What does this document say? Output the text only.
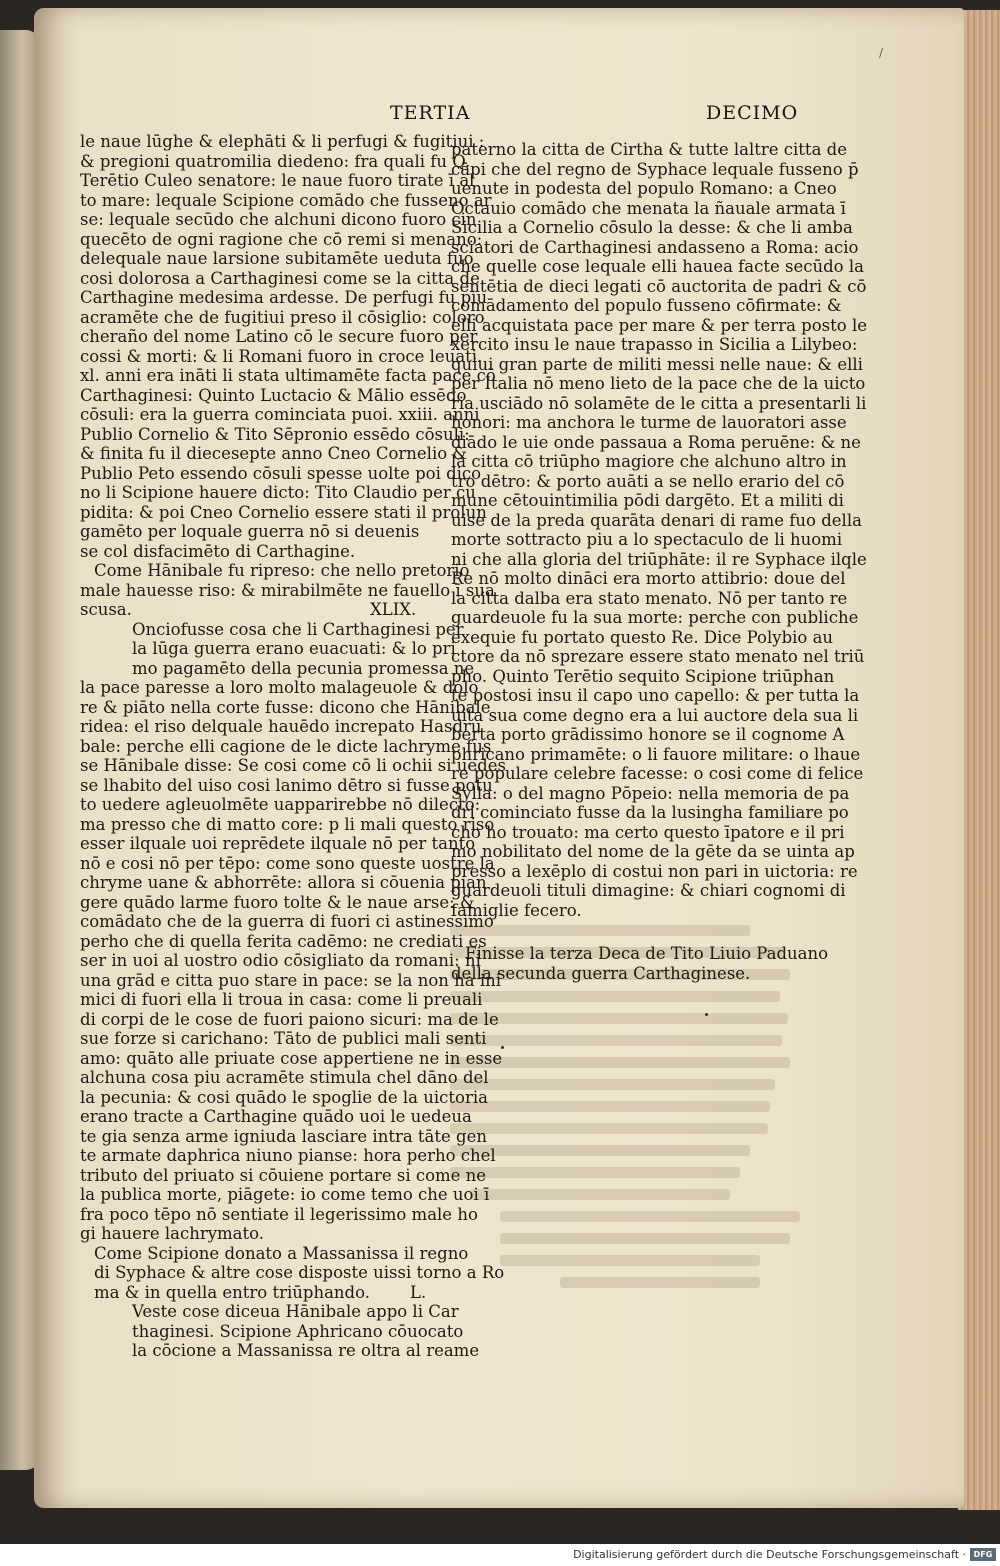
/
TERTIA	DECIMO
le naue lūghe & elephāti & li perfugi & fugitiui :
& pregioni quatromilia diedeno: fra quali fu Q.
Terētio Culeo senatore: le naue fuoro tirate ī al
to mare: lequale Scipione comādo che fusseno ar
se: lequale secūdo che alchuni dicono fuoro cin
quecēto de ogni ragione che cō remi si menano:
delequale naue larsione subitamēte ueduta fuo
cosi dolorosa a Carthaginesi come se la citta de
Carthagine medesima ardesse. De perfugi fu piu
acramēte che de fugitiui preso il cōsiglio: coloro
cheraño del nome Latino cō le secure fuoro per
cossi & morti: & li Romani fuoro in croce leuati.
xl. anni era ināti li stata ultimamēte facta pace cō
Carthaginesi: Quinto Luctacio & Mālio essēdo
cōsuli: era la guerra cominciata puoi. xxiii. anni
Publio Cornelio & Tito Sēpronio essēdo cōsuli:
& finita fu il diecesepte anno Cneo Cornelio &
Publio Peto essendo cōsuli spesse uolte poi dico
no li Scipione hauere dicto: Tito Claudio per cu
pidita: & poi Cneo Cornelio essere stati il prolun
gamēto per loquale guerra nō si deuenis
se col disfacimēto di Carthagine.
Come Hānibale fu ripreso: che nello pretorio
male hauesse riso: & mirabilmēte ne fauello ī sua
scusa.	XLIX.
Onciofusse cosa che li Carthaginesi per
la lūga guerra erano euacuati: & lo pri
mo pagamēto della pecunia promessa ne
la pace paresse a loro molto malageuole & dolo
re & piāto nella corte fusse: dicono che Hānibale
ridea: el riso delquale hauēdo increpato Hasdru
bale: perche elli cagione de le dicte lachryme fus
se Hānibale disse: Se cosi come cō li ochii si uedes
se lhabito del uiso cosi lanimo dētro si fusse potu
to uedere agleuolmēte uapparirebbe nō dilecto:
ma presso che di matto core: p li mali questo riso
esser ilquale uoi reprēdete ilquale nō per tanto
nō e cosi nō per tēpo: come sono queste uostre la
chryme uane & abhorrēte: allora si cōuenia pian
gere quādo larme fuoro tolte & le naue arse: &
comādato che de la guerra di fuori ci astinessimo
perho che di quella ferita cadēmo: ne crediati es
ser in uoi al uostro odio cōsigliato da romani: ni
una grād e citta puo stare in pace: se la non ha ini
mici di fuori ella li troua in casa: come li preuali
di corpi de le cose de fuori paiono sicuri: ma de le
sue forze si carichano: Tāto de publici mali senti
amo: quāto alle priuate cose appertiene ne in esse
alchuna cosa piu acramēte stimula chel dāno del
la pecunia: & cosi quādo le spoglie de la uictoria
erano tracte a Carthagine quādo uoi le uedeua
te gia senza arme igniuda lasciare intra tāte gen
te armate daphrica niuno pianse: hora perho chel
tributo del priuato si cōuiene portare si come ne
la publica morte, piāgete: io come temo che uoi ī
fra poco tēpo nō sentiate il legerissimo male ho
gi hauere lachrymato.
Come Scipione donato a Massanissa il regno
di Syphace & altre cose disposte uissi torno a Ro
ma & in quella entro triūphando. L.
Veste cose diceua Hānibale appo li Car
thaginesi. Scipione Aphricano cōuocato
la cōcione a Massanissa re oltra al reame
paterno la citta de Cirtha & tutte laltre citta de
cāpi che del regno de Syphace lequale fusseno p̄
uenute in podesta del populo Romano: a Cneo
Octauio comādo che menata la ñauale armata ī
Sicilia a Cornelio cōsulo la desse: & che li amba
sciatori de Carthaginesi andasseno a Roma: acio
che quelle cose lequale elli hauea facte secūdo la
sentētia de dieci legati cō auctorita de padri & cō
comādamento del populo fusseno cōfirmate: &
elli acquistata pace per mare & per terra posto le
xercito insu le naue trapasso in Sicilia a Lilybeo:
quiui gran parte de militi messi nelle naue: & elli
per Italia nō meno lieto de la pace che de la uicto
ria usciādo nō solamēte de le citta a presentarli li
honori: ma anchora le turme de lauoratori asse
diādo le uie onde passaua a Roma peruēne: & ne
la citta cō triūpho magiore che alchuno altro in
tro dētro: & porto auāti a se nello erario del cō
mune cētouintimilia pōdi dargēto. Et a militi di
uise de la preda quarāta denari di rame fuo della
morte sottracto piu a lo spectaculo de li huomi
ni che alla gloria del triūphāte: il re Syphace ilqle
Re nō molto dināci era morto attibrio: doue del
la citta dalba era stato menato. Nō per tanto re
guardeuole fu la sua morte: perche con publiche
exequie fu portato questo Re. Dice Polybio au
ctore da nō sprezare essere stato menato nel triū
pho. Quinto Terētio sequito Scipione triūphan
te postosi insu il capo uno capello: & per tutta la
uita sua come degno era a lui auctore dela sua li
berta porto grādissimo honore se il cognome A
phricano primamēte: o li fauore militare: o lhaue
re populare celebre facesse: o cosi come di felice
Sylla: o del magno Pōpeio: nella memoria de pa
dri cominciato fusse da la lusingha familiare po
cho ho trouato: ma certo questo īpatore e il pri
mo nobilitato del nome de la gēte da se uinta ap
presso a lexēplo di costui non pari in uictoria: re
guardeuoli tituli dimagine: & chiari cognomi di
famiglie fecero.
Finisse la terza Deca de Tito Liuio Paduano
della secunda guerra Carthaginese.
Digitalisierung gefördert durch die Deutsche Forschungsgemeinschaft · DFG
